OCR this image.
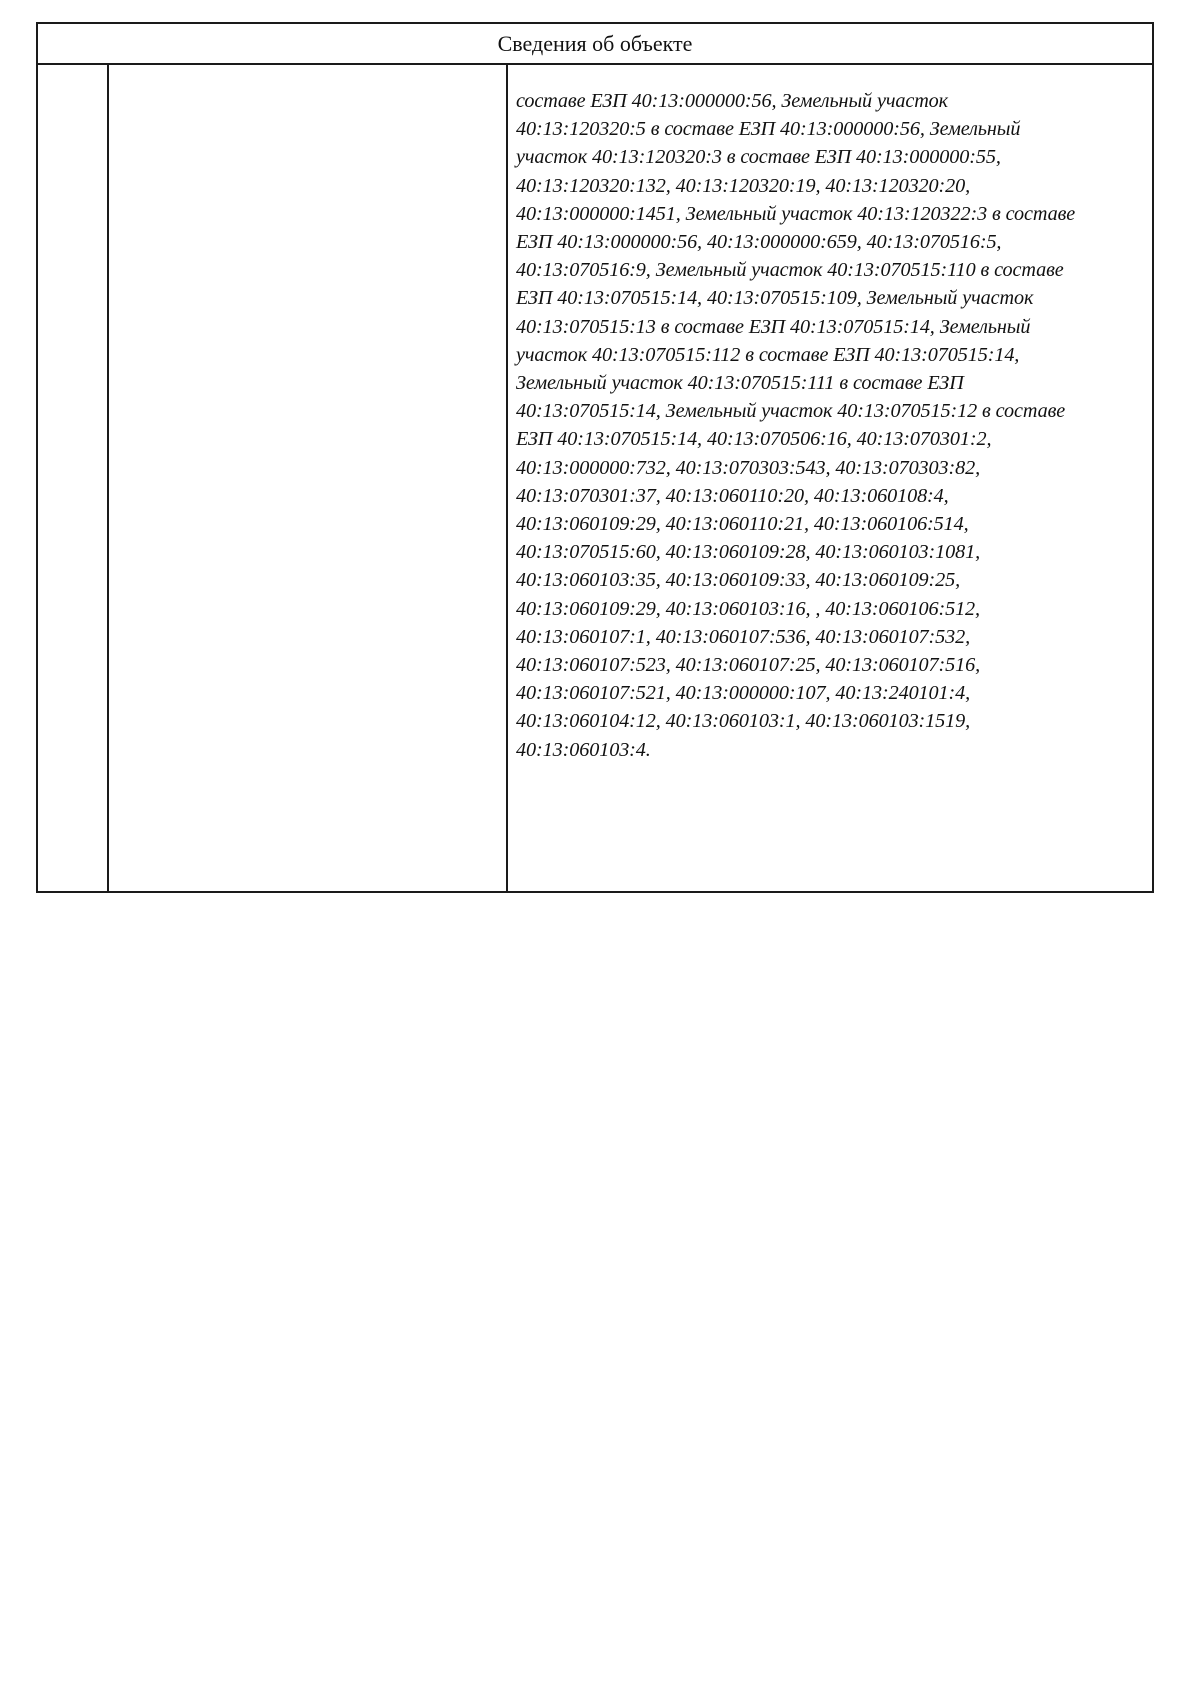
Сведения об объекте

составе ЕЗП 40:13:000000:56, Земельный участок
40:13:120320:5 в составе ЕЗП 40:13:000000:56, Земельный
участок 40:13:120320:3 в составе ЕЗП 40:13:000000:55,
40:13:120320:132, 40:13:120320:19, 40:13:120320:20,
40:13:000000:1451, Земельный участок 40:13:120322:3 в составе
ЕЗП 40:13:000000:56, 40:13:000000:659, 40:13:070516:5,
40:13:070516:9, Земельный участок 40:13:070515:110 в составе
ЕЗП 40:13:070515:14, 40:13:070515:109, Земельный участок
40:13:070515:13 в составе ЕЗП 40:13:070515:14, Земельный
участок 40:13:070515:112 в составе ЕЗП 40:13:070515:14,
Земельный участок 40:13:070515:111 в составе ЕЗП
40:13:070515:14, Земельный участок 40:13:070515:12 в составе
ЕЗП 40:13:070515:14, 40:13:070506:16, 40:13:070301:2,
40:13:000000:732, 40:13:070303:543, 40:13:070303:82,
40:13:070301:37, 40:13:060110:20, 40:13:060108:4,
40:13:060109:29, 40:13:060110:21, 40:13:060106:514,
40:13:070515:60, 40:13:060109:28, 40:13:060103:1081,
40:13:060103:35, 40:13:060109:33, 40:13:060109:25,
40:13:060109:29, 40:13:060103:16, , 40:13:060106:512,
40:13:060107:1, 40:13:060107:536, 40:13:060107:532,
40:13:060107:523, 40:13:060107:25, 40:13:060107:516,
40:13:060107:521, 40:13:000000:107, 40:13:240101:4,
40:13:060104:12, 40:13:060103:1, 40:13:060103:1519,
40:13:060103:4.
